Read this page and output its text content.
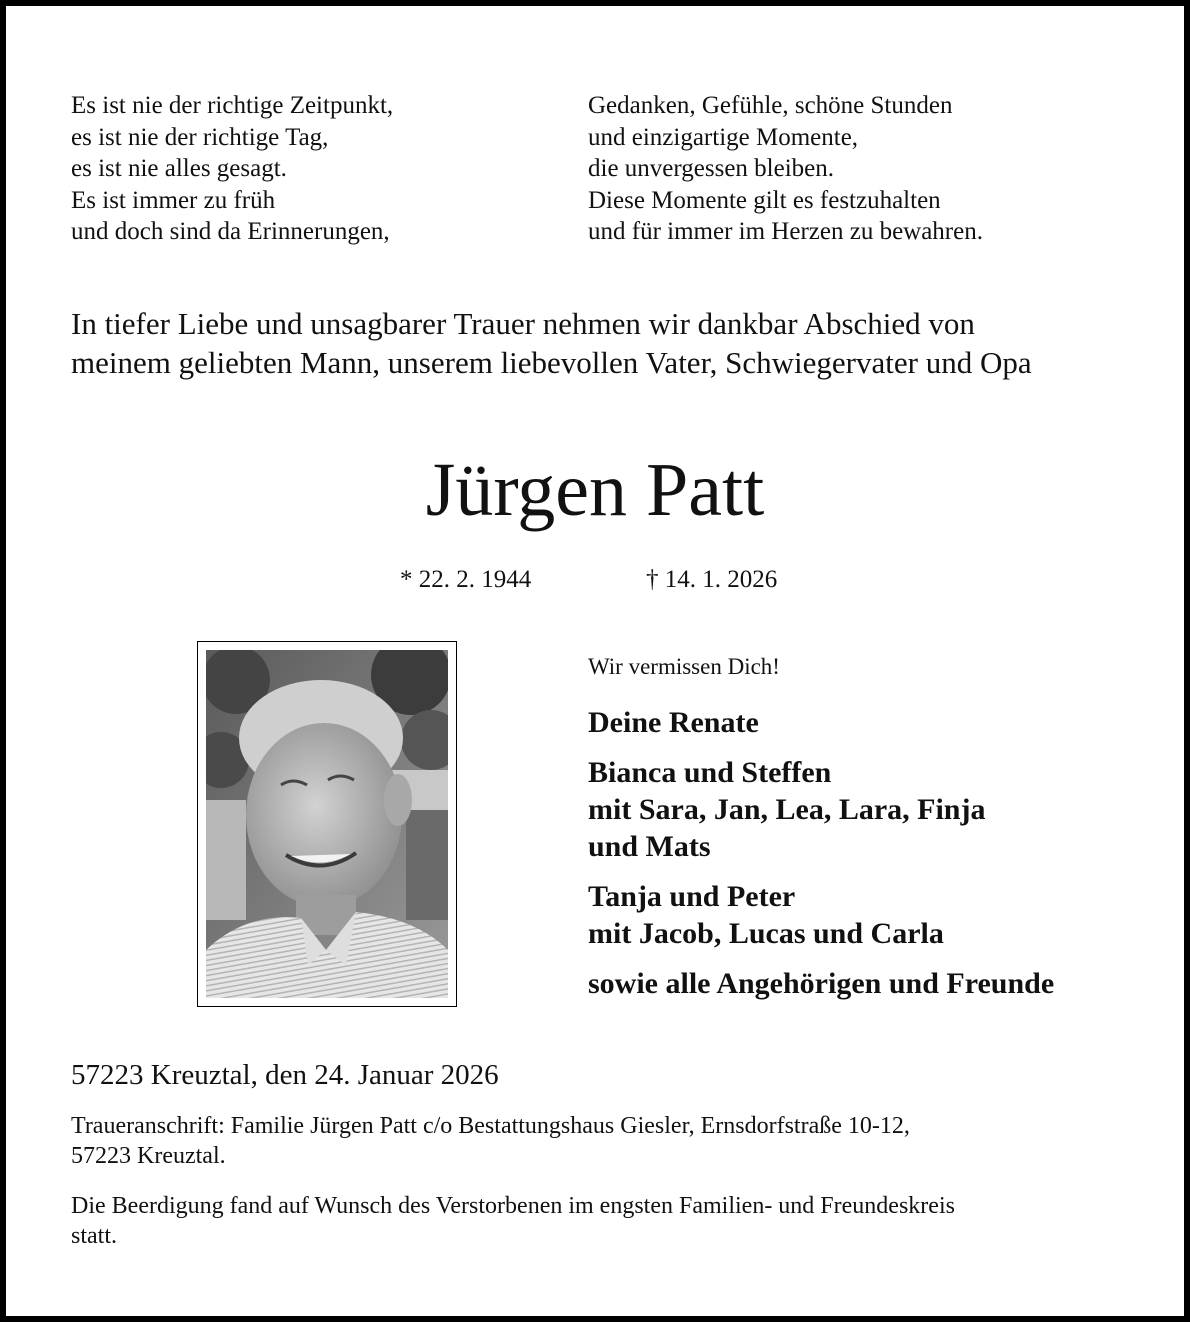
Es ist nie der richtige Zeitpunkt,
es ist nie der richtige Tag,
es ist nie alles gesagt.
Es ist immer zu früh
und doch sind da Erinnerungen,
Gedanken, Gefühle, schöne Stunden
und einzigartige Momente,
die unvergessen bleiben.
Diese Momente gilt es festzuhalten
und für immer im Herzen zu bewahren.
In tiefer Liebe und unsagbarer Trauer nehmen wir dankbar Abschied von
meinem geliebten Mann, unserem liebevollen Vater, Schwiegervater und Opa
Jürgen Patt
* 22. 2. 1944	† 14. 1. 2026
Wir vermissen Dich!
Deine Renate
Bianca und Steffen
mit Sara, Jan, Lea, Lara, Finja
und Mats
Tanja und Peter
mit Jacob, Lucas und Carla
sowie alle Angehörigen und Freunde
57223 Kreuztal, den 24. Januar 2026
Traueranschrift: Familie Jürgen Patt c/o Bestattungshaus Giesler, Ernsdorfstraße 10-12,
57223 Kreuztal.
Die Beerdigung fand auf Wunsch des Verstorbenen im engsten Familien- und Freundeskreis
statt.
